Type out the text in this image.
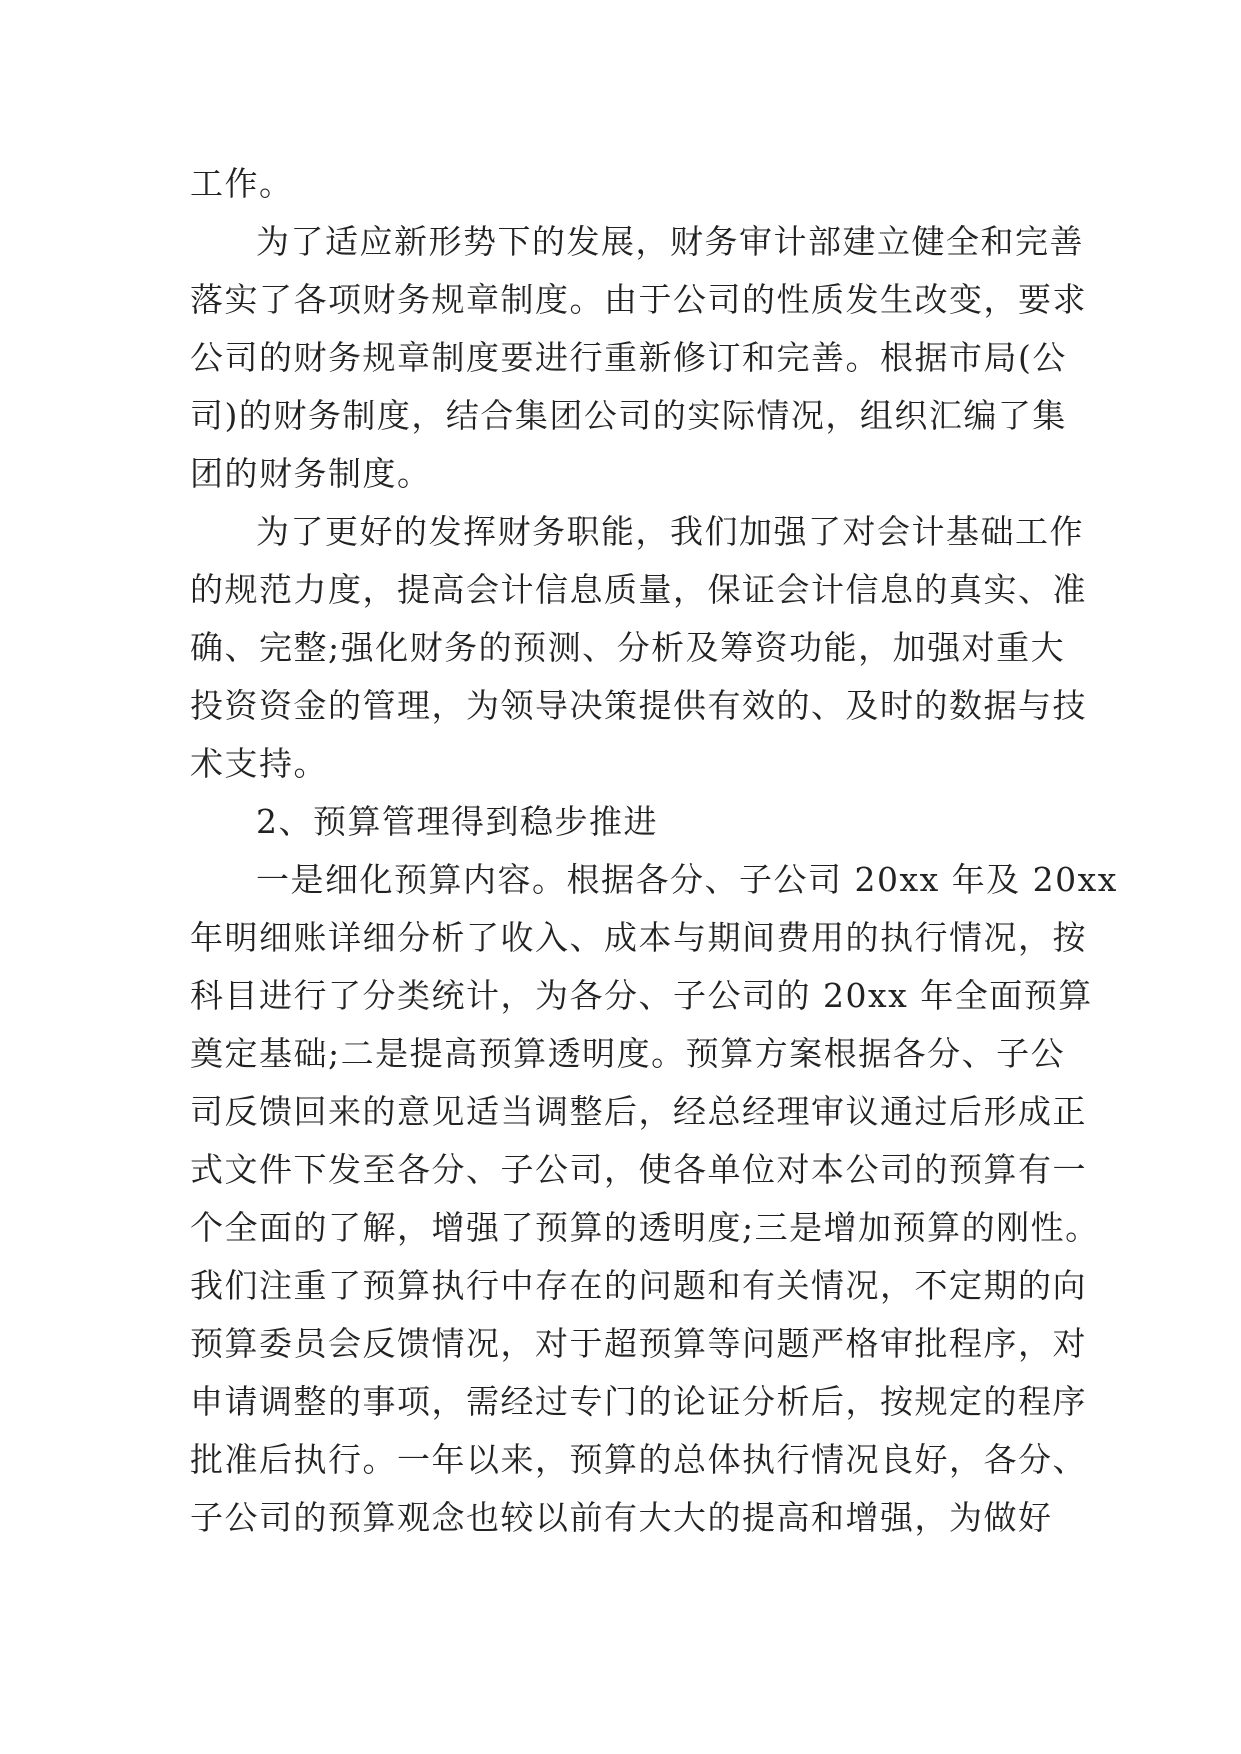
工作。
为了适应新形势下的发展，财务审计部建立健全和完善
落实了各项财务规章制度。由于公司的性质发生改变，要求
公司的财务规章制度要进行重新修订和完善。根据市局(公
司)的财务制度，结合集团公司的实际情况，组织汇编了集
团的财务制度。
为了更好的发挥财务职能，我们加强了对会计基础工作
的规范力度，提高会计信息质量，保证会计信息的真实、准
确、完整;强化财务的预测、分析及筹资功能，加强对重大
投资资金的管理，为领导决策提供有效的、及时的数据与技
术支持。
2、预算管理得到稳步推进
一是细化预算内容。根据各分、子公司 20xx 年及 20xx
年明细账详细分析了收入、成本与期间费用的执行情况，按
科目进行了分类统计，为各分、子公司的 20xx 年全面预算
奠定基础;二是提高预算透明度。预算方案根据各分、子公
司反馈回来的意见适当调整后，经总经理审议通过后形成正
式文件下发至各分、子公司，使各单位对本公司的预算有一
个全面的了解，增强了预算的透明度;三是增加预算的刚性。
我们注重了预算执行中存在的问题和有关情况，不定期的向
预算委员会反馈情况，对于超预算等问题严格审批程序，对
申请调整的事项，需经过专门的论证分析后，按规定的程序
批准后执行。一年以来，预算的总体执行情况良好，各分、
子公司的预算观念也较以前有大大的提高和增强，为做好
